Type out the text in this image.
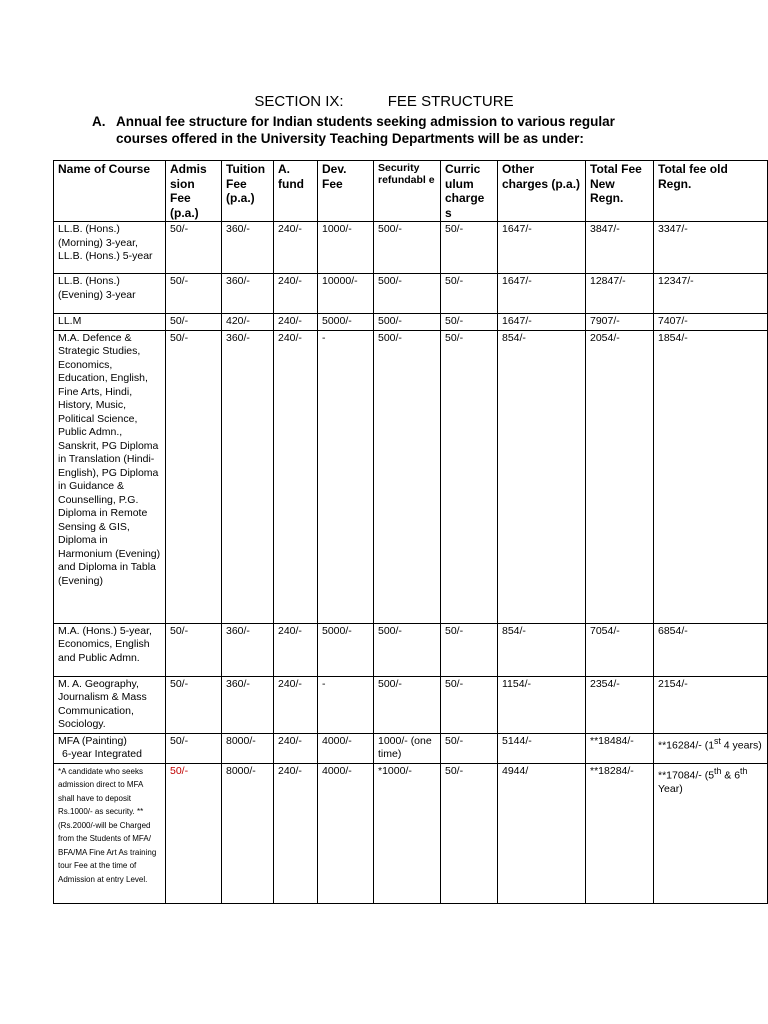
SECTION IX:	FEE STRUCTURE
A. Annual fee structure for Indian students seeking admission to various regular
courses offered in the University Teaching Departments will be as under:
Name of Course	Admis sion Fee (p.a.)	Tuition Fee (p.a.)	A. fund	Dev. Fee	Security refundabl e	Curric ulum charge s	Other charges (p.a.)	Total Fee New Regn.	Total fee old Regn.
LL.B. (Hons.) (Morning) 3-year, LL.B. (Hons.) 5-year	50/-	360/-	240/-	1000/-	500/-	50/-	1647/-	3847/-	3347/-
LL.B. (Hons.) (Evening) 3-year	50/-	360/-	240/-	10000/-	500/-	50/-	1647/-	12847/-	12347/-
LL.M	50/-	420/-	240/-	5000/-	500/-	50/-	1647/-	7907/-	7407/-
M.A. Defence & Strategic Studies, Economics, Education, English, Fine Arts, Hindi, History, Music, Political Science, Public Admn., Sanskrit, PG Diploma in Translation (Hindi-English), PG Diploma in Guidance & Counselling, P.G. Diploma in Remote Sensing & GIS, Diploma in Harmonium (Evening) and Diploma in Tabla (Evening)	50/-	360/-	240/-	-	500/-	50/-	854/-	2054/-	1854/-
M.A. (Hons.) 5-year, Economics, English and Public Admn.	50/-	360/-	240/-	5000/-	500/-	50/-	854/-	7054/-	6854/-
M. A. Geography, Journalism & Mass Communication, Sociology.	50/-	360/-	240/-	-	500/-	50/-	1154/-	2354/-	2154/-

MFA (Painting)
6-year Integrated	50/-	8000/-	240/-	4000/-	1000/- (one time)	50/-	5144/-	**18484/-	**16284/- (1st 4 years)
*A candidate who seeks admission direct to MFA shall have to deposit Rs.1000/- as security. **(Rs.2000/-will be Charged from the Students of MFA/ BFA/MA Fine Art As training tour Fee at the time of Admission at entry Level.	50/-	8000/-	240/-	4000/-	*1000/-	50/-	4944/	**18284/-	**17084/- (5th & 6th Year)
